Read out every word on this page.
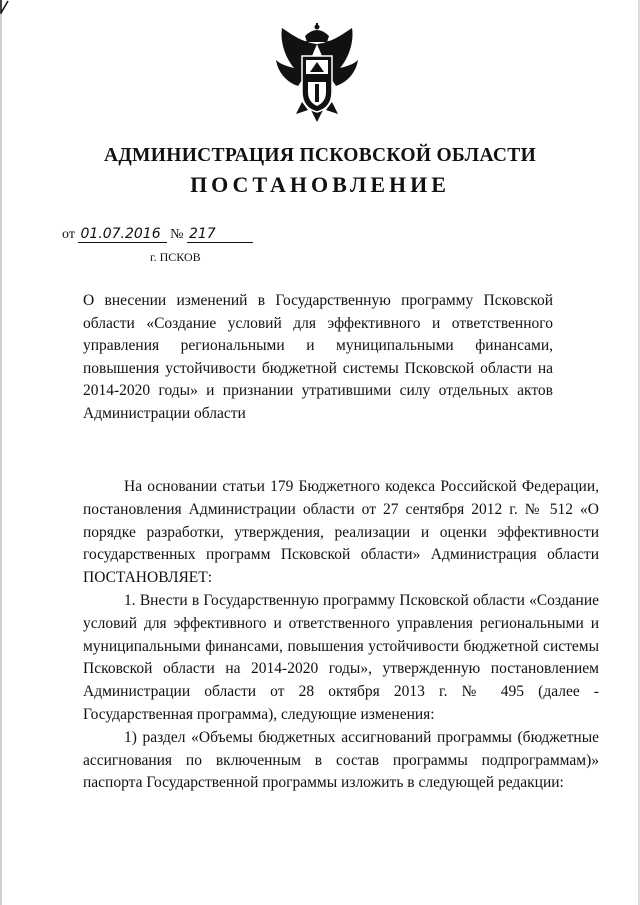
АДМИНИСТРАЦИЯ ПСКОВСКОЙ ОБЛАСТИ
ПОСТАНОВЛЕНИЕ
от 01.07.2016 № 217
г. ПСКОВ
О внесении изменений в Государственную программу Псковской области «Создание условий для эффективного и ответственного управления региональными и муниципальными финансами, повышения устойчивости бюджетной системы Псковской области на 2014-2020 годы» и признании утратившими силу отдельных актов Администрации области

На основании статьи 179 Бюджетного кодекса Российской Федерации, постановления Администрации области от 27 сентября 2012 г. № 512 «О порядке разработки, утверждения, реализации и оценки эффективности государственных программ Псковской области» Администрация области ПОСТАНОВЛЯЕТ:

1. Внести в Государственную программу Псковской области «Создание условий для эффективного и ответственного управления региональными и муниципальными финансами, повышения устойчивости бюджетной системы Псковской области на 2014-2020 годы», утвержденную постановлением Администрации области от 28 октября 2013 г. № 495 (далее - Государственная программа), следующие изменения:

1) раздел «Объемы бюджетных ассигнований программы (бюджетные ассигнования по включенным в состав программы подпрограммам)» паспорта Государственной программы изложить в следующей редакции:
